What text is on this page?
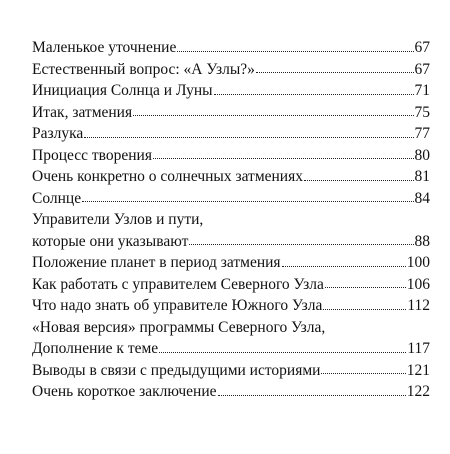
Маленькое уточнение	67
Естественный вопрос: «А Узлы?»	67
Инициация Солнца и Луны	71
Итак, затмения	75
Разлука	77
Процесс творения	80
Очень конкретно о солнечных затмениях	81
Солнце	84
Управители Узлов и пути,
которые они указывают	88
Положение планет в период затмения	100
Как работать с управителем Северного Узла	106
Что надо знать об управителе Южного Узла	112
«Новая версия» программы Северного Узла,
Дополнение к теме	117
Выводы в связи с предыдущими историями	121
Очень короткое заключение	122
